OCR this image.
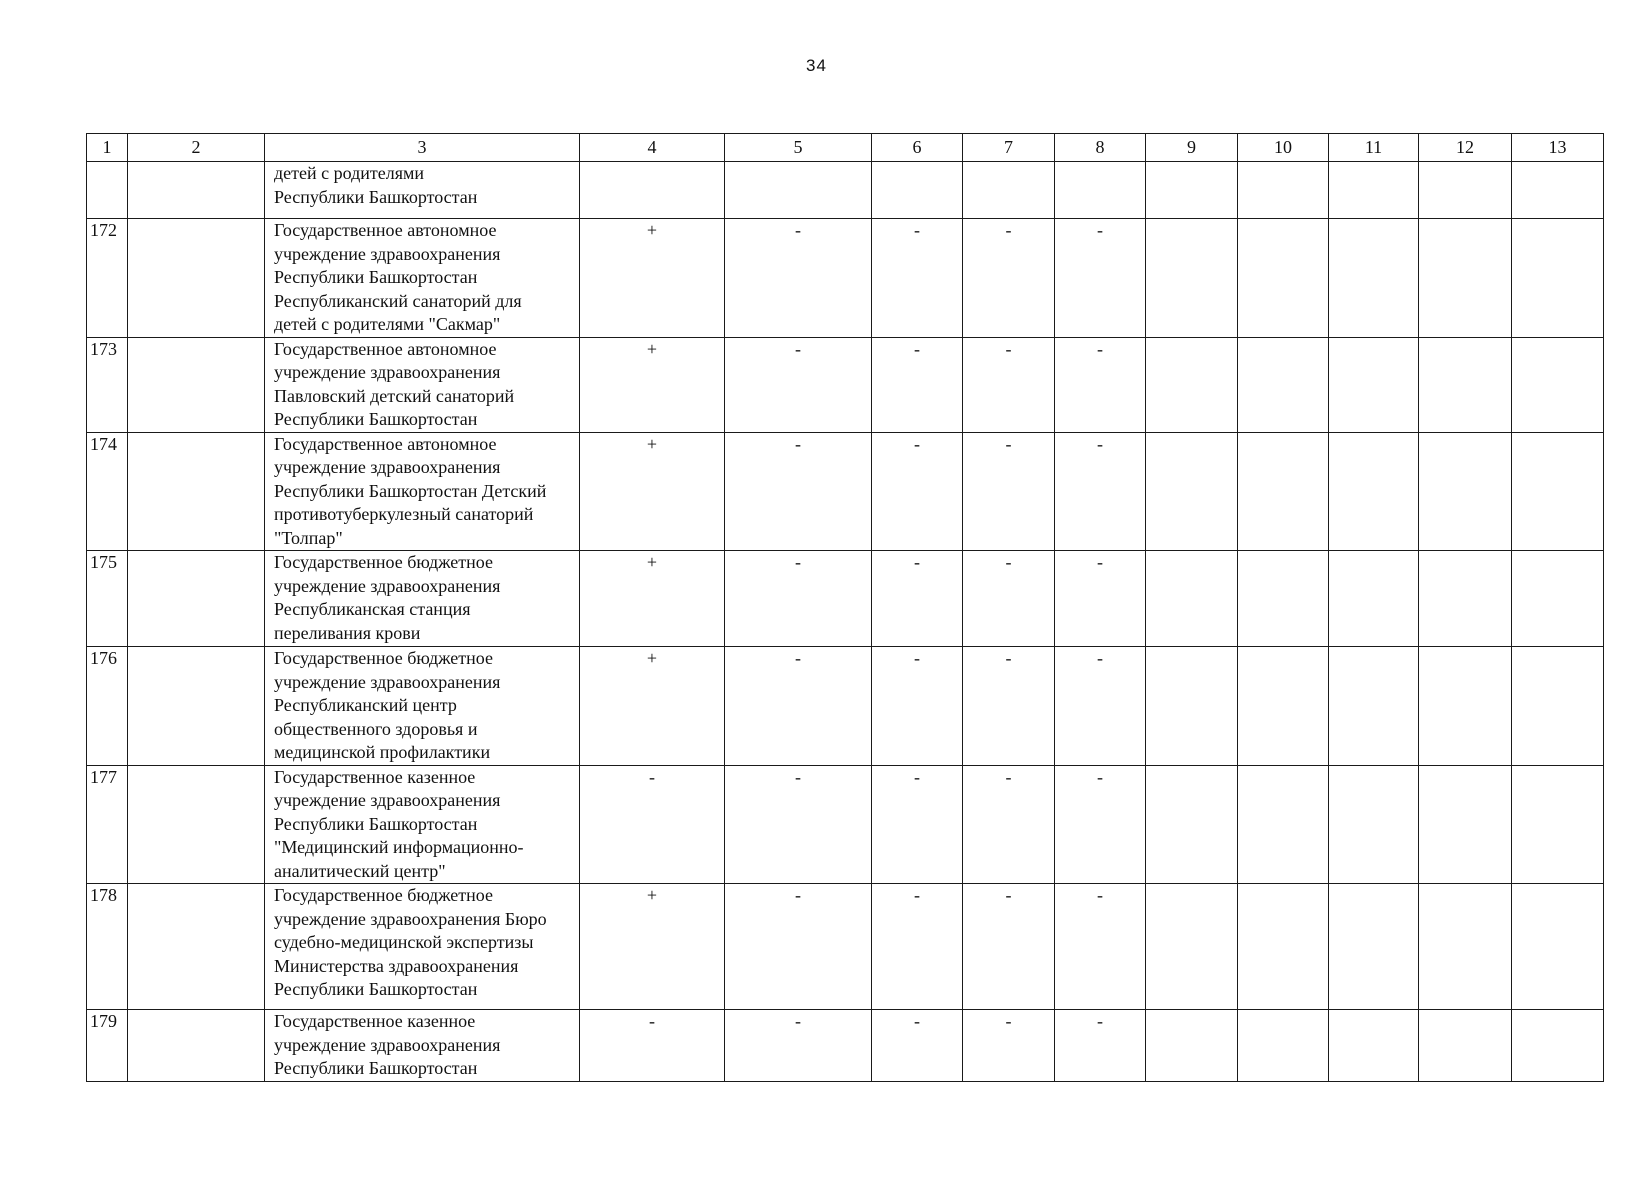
34
1	2	3	4	5	6	7	8	9	10	11	12	13
		детей с родителями
Республики Башкортостан										
172		Государственное автономное
учреждение здравоохранения
Республики Башкортостан
Республиканский санаторий для
детей с родителями "Сакмар"	+	-	-	-	-					
173		Государственное автономное
учреждение здравоохранения
Павловский детский санаторий
Республики Башкортостан	+	-	-	-	-					
174		Государственное автономное
учреждение здравоохранения
Республики Башкортостан Детский
противотуберкулезный санаторий
"Толпар"	+	-	-	-	-					
175		Государственное бюджетное
учреждение здравоохранения
Республиканская станция
переливания крови	+	-	-	-	-					
176		Государственное бюджетное
учреждение здравоохранения
Республиканский центр
общественного здоровья и
медицинской профилактики	+	-	-	-	-					
177		Государственное казенное
учреждение здравоохранения
Республики Башкортостан
"Медицинский информационно-
аналитический центр"	-	-	-	-	-					
178		Государственное бюджетное
учреждение здравоохранения Бюро
судебно-медицинской экспертизы
Министерства здравоохранения
Республики Башкортостан	+	-	-	-	-					
179		Государственное казенное
учреждение здравоохранения
Республики Башкортостан	-	-	-	-	-					
